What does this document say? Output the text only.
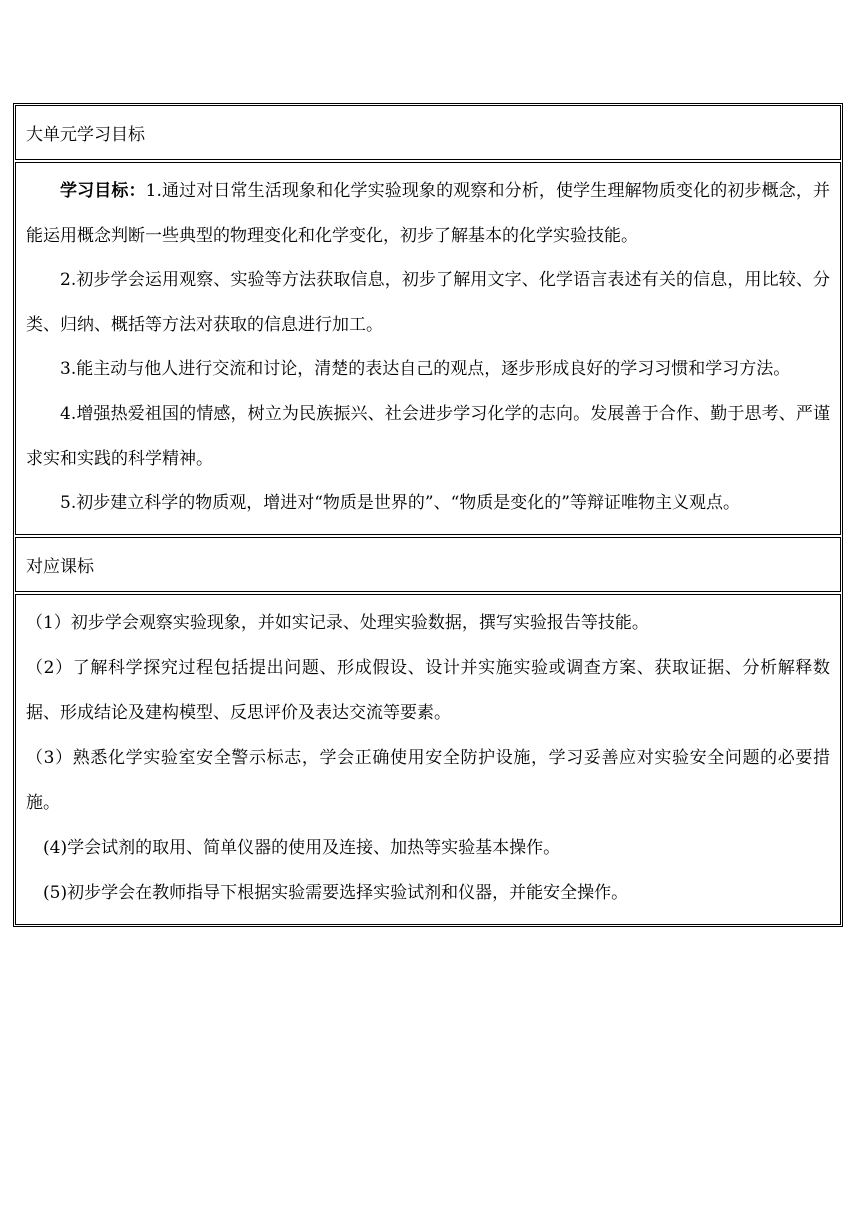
大单元学习目标

学习目标：1.通过对日常生活现象和化学实验现象的观察和分析，使学生理解物质变化的初步概念，并能运用概念判断一些典型的物理变化和化学变化，初步了解基本的化学实验技能。

2.初步学会运用观察、实验等方法获取信息，初步了解用文字、化学语言表述有关的信息，用比较、分类、归纳、概括等方法对获取的信息进行加工。

3.能主动与他人进行交流和讨论，清楚的表达自己的观点，逐步形成良好的学习习惯和学习方法。

4.增强热爱祖国的情感，树立为民族振兴、社会进步学习化学的志向。发展善于合作、勤于思考、严谨求实和实践的科学精神。

5.初步建立科学的物质观，增进对“物质是世界的”、“物质是变化的”等辩证唯物主义观点。

对应课标

（1）初步学会观察实验现象，并如实记录、处理实验数据，撰写实验报告等技能。

（2）了解科学探究过程包括提出问题、形成假设、设计并实施实验或调查方案、获取证据、分析解释数据、形成结论及建构模型、反思评价及表达交流等要素。

（3）熟悉化学实验室安全警示标志，学会正确使用安全防护设施，学习妥善应对实验安全问题的必要措施。

(4)学会试剂的取用、简单仪器的使用及连接、加热等实验基本操作。

(5)初步学会在教师指导下根据实验需要选择实验试剂和仪器，并能安全操作。
